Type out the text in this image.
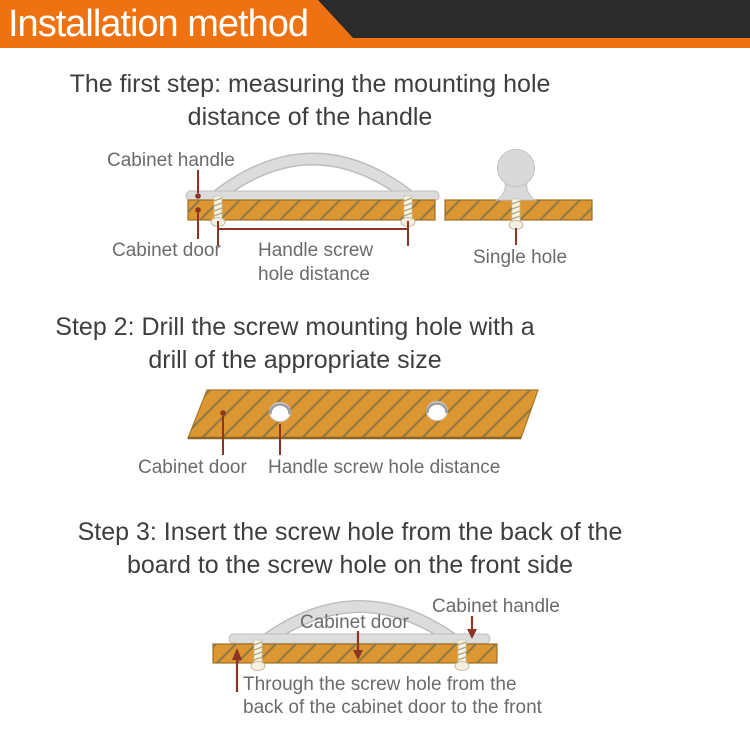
Installation method
The first step: measuring the mounting hole
distance of the handle
Step 2: Drill the screw mounting hole with a
drill of the appropriate size
Step 3: Insert the screw hole from the back of the
board to the screw hole on the front side
Cabinet handle
Cabinet door Handle screw
hole distance
Single hole
Cabinet door Handle screw hole distance
Cabinet door
Cabinet handle
Through the screw hole from the
back of the cabinet door to the front
